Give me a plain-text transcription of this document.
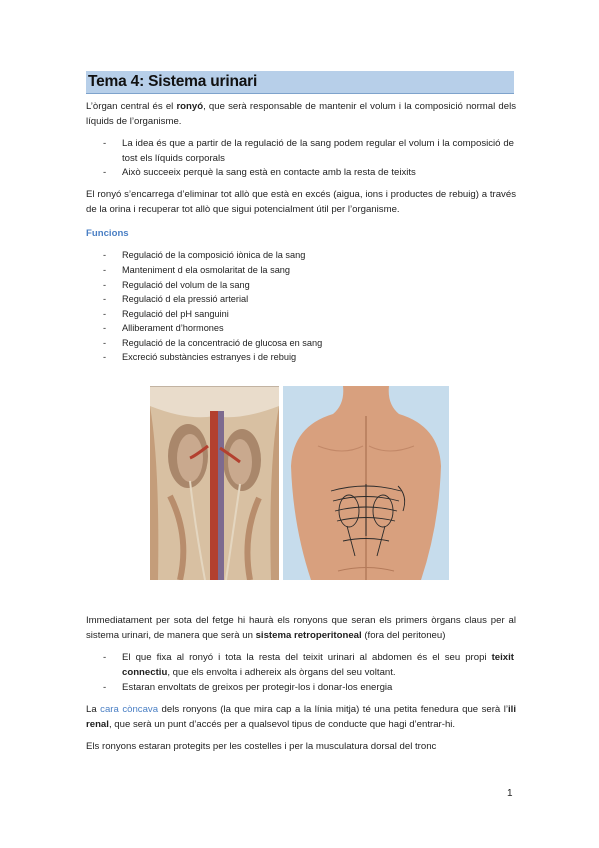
Tema 4: Sistema urinari
L’òrgan central és el ronyó, que serà responsable de mantenir el volum i la composició normal dels líquids de l’organisme.
- La idea és que a partir de la regulació de la sang podem regular el volum i la composició de tost els líquids corporals
- Això succeeix perquè la sang està en contacte amb la resta de teixits
El ronyó s’encarrega d’eliminar tot allò que està en excés (aigua, ions i productes de rebuig) a través de la orina i recuperar tot allò que sigui potencialment útil per l’organisme.
Funcions
- Regulació de la composició iònica de la sang
- Manteniment d ela osmolaritat de la sang
- Regulació del volum de la sang
- Regulació d ela pressió arterial
- Regulació del pH sanguini
- Alliberament d’hormones
- Regulació de la concentració de glucosa en sang
- Excreció substàncies estranyes i de rebuig
Immediatament per sota del fetge hi haurà els ronyons que seran els primers òrgans claus per al sistema urinari, de manera que serà un sistema retroperitoneal (fora del peritoneu)
- El que fixa al ronyó i tota la resta del teixit urinari al abdomen és el seu propi teixit connectiu, que els envolta i adhereix als òrgans del seu voltant.
- Estaran envoltats de greixos per protegir-los i donar-los energia
La cara còncava dels ronyons (la que mira cap a la línia mitja) té una petita fenedura que serà l’ili renal, que serà un punt d’accés per a qualsevol tipus de conducte que hagi d’entrar-hi.
Els ronyons estaran protegits per les costelles i per la musculatura dorsal del tronc
1
